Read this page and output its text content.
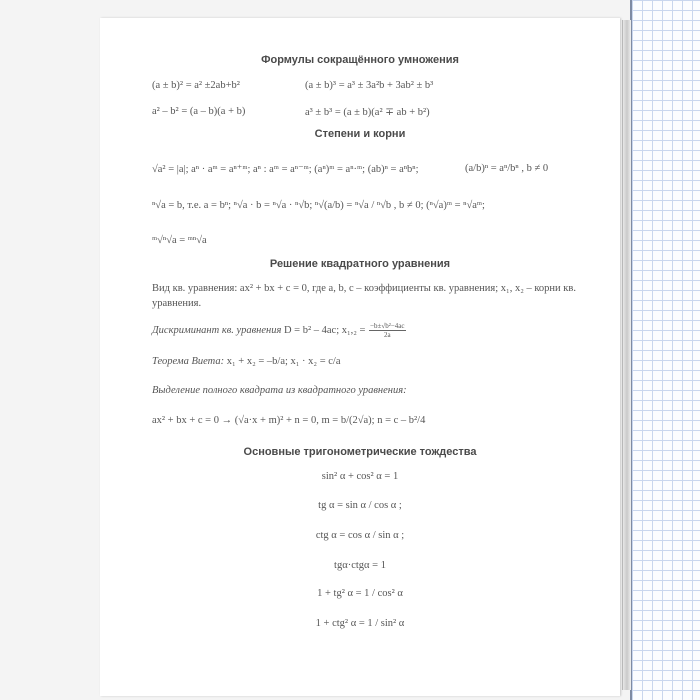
Формулы сокращённого умножения
(a ± b)² = a² ±2ab+b²	(a ± b)³ = a³ ± 3a²b + 3ab² ± b³
a² – b² = (a – b)(a + b)	a³ ± b³ = (a ± b)(a² ∓ ab + b²)
Степени и корни
√a² = |a|; aⁿ · aᵐ = aⁿ⁺ᵐ; aⁿ : aᵐ = aⁿ⁻ᵐ; (aⁿ)ᵐ = aⁿ·ᵐ; (ab)ⁿ = aⁿbⁿ;	(a/b)ⁿ = aⁿ/bⁿ , b ≠ 0
ⁿ√a = b, т.е. a = bⁿ; ⁿ√a · b = ⁿ√a · ⁿ√b; ⁿ√(a/b) = ⁿ√a / ⁿ√b , b ≠ 0; (ⁿ√a)ᵐ = ⁿ√aᵐ;
ᵐ√ⁿ√a = ᵐⁿ√a
Решение квадратного уравнения
Вид кв. уравнения: ax² + bx + c = 0, где a, b, c – коэффициенты кв. уравнения; x₁, x₂ – корни кв. уравнения.
Дискриминант кв. уравнения D = b² – 4ac; $x_1,_2 = \frac{\text{−b±√b²−4ac}}{2a}$
Теорема Виета: x₁ + x₂ = –b/a; x₁ · x₂ = c/a
Выделение полного квадрата из квадратного уравнения:
ax² + bx + c = 0 → (√a·x + m)² + n = 0, m = b/(2√a); n = c – b²/4
Основные тригонометрические тождества
sin² α + cos² α = 1
tg α = sin α / cos α ;
ctg α = cos α / sin α ;
tgα·ctgα = 1
1 + tg² α = 1 / cos² α
1 + ctg² α = 1 / sin² α
